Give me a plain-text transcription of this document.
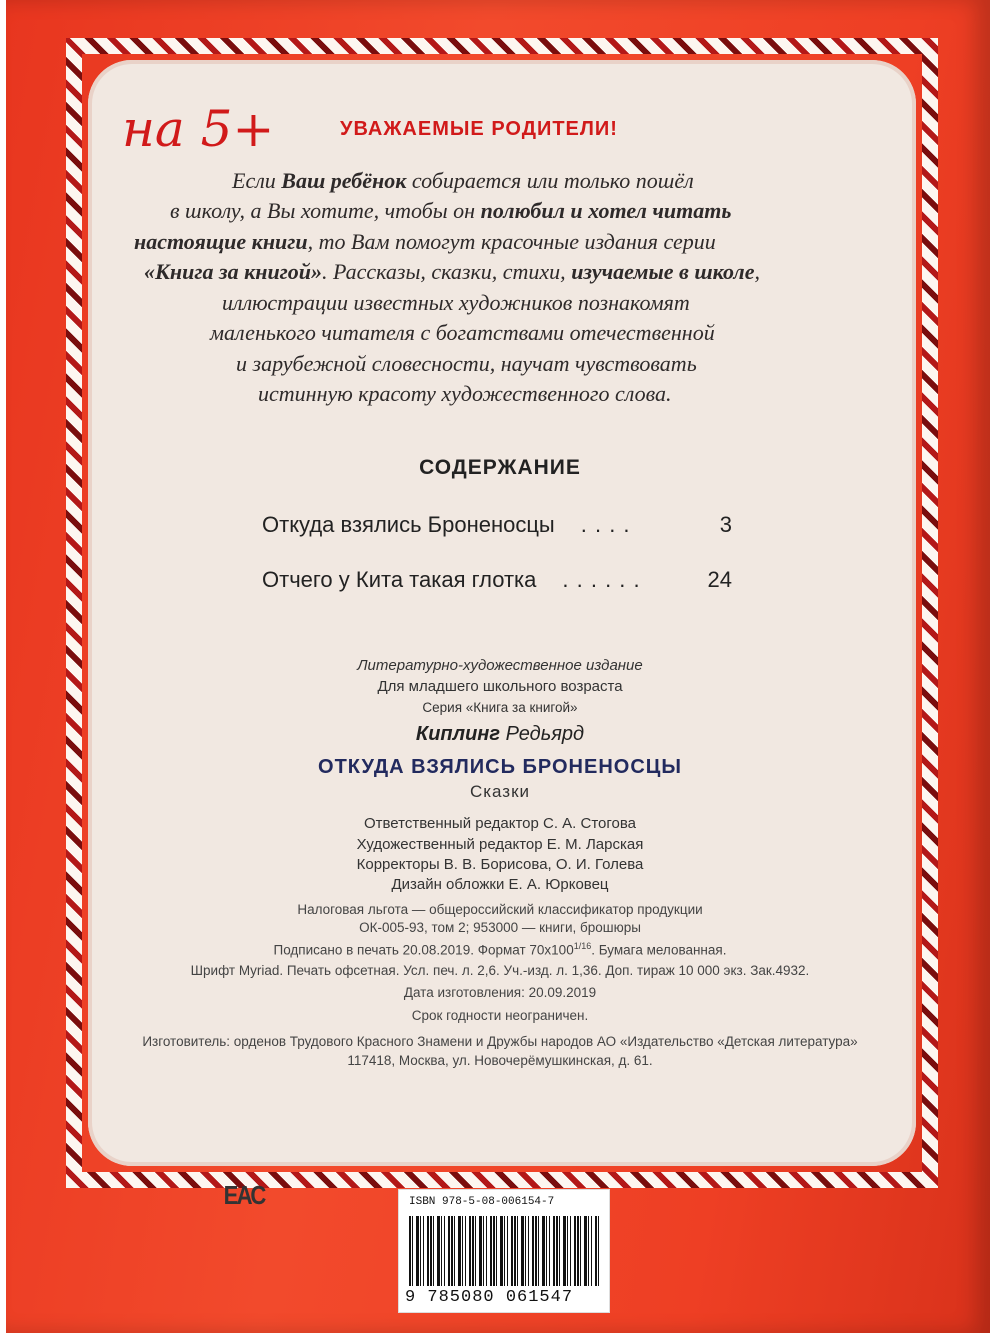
на 5+	УВАЖАЕМЫЕ РОДИТЕЛИ!

Если Ваш ребёнок собирается или только пошёл

в школу, а Вы хотите, чтобы он полюбил и хотел читать

настоящие книги, то Вам помогут красочные издания серии

«Книга за книгой». Рассказы, сказки, стихи, изучаемые в школе,

иллюстрации известных художников познакомят

маленького читателя с богатствами отечественной

и зарубежной словесности, научат чувствовать

истинную красоту художественного слова.

СОДЕРЖАНИЕ

Откуда взялись Броненосцы . . . .	3

Отчего у Кита такая глотка . . . . . .	24

Литературно-художественное издание

Для младшего школьного возраста

Серия «Книга за книгой»

Киплинг Редьярд

ОТКУДА ВЗЯЛИСЬ БРОНЕНОСЦЫ

Сказки

Ответственный редактор С. А. Стогова

Художественный редактор Е. М. Ларская

Корректоры В. В. Борисова, О. И. Голева

Дизайн обложки Е. А. Юрковец

Налоговая льгота — общероссийский классификатор продукции

ОК-005-93, том 2; 953000 — книги, брошюры

Подписано в печать 20.08.2019. Формат $70х100^{1/16}$. Бумага мелованная.

Шрифт Myriad. Печать офсетная. Усл. печ. л. 2,6. Уч.-изд. л. 1,36. Доп. тираж 10 000 экз. Зак.4932.

Дата изготовления: 20.09.2019

Срок годности неограничен.

Изготовитель: орденов Трудового Красного Знамени и Дружбы народов АО «Издательство «Детская литература»

117418, Москва, ул. Новочерёмушкинская, д. 61.

ЕАС	ISBN 978-5-08-006154-7
9 785080 061547
